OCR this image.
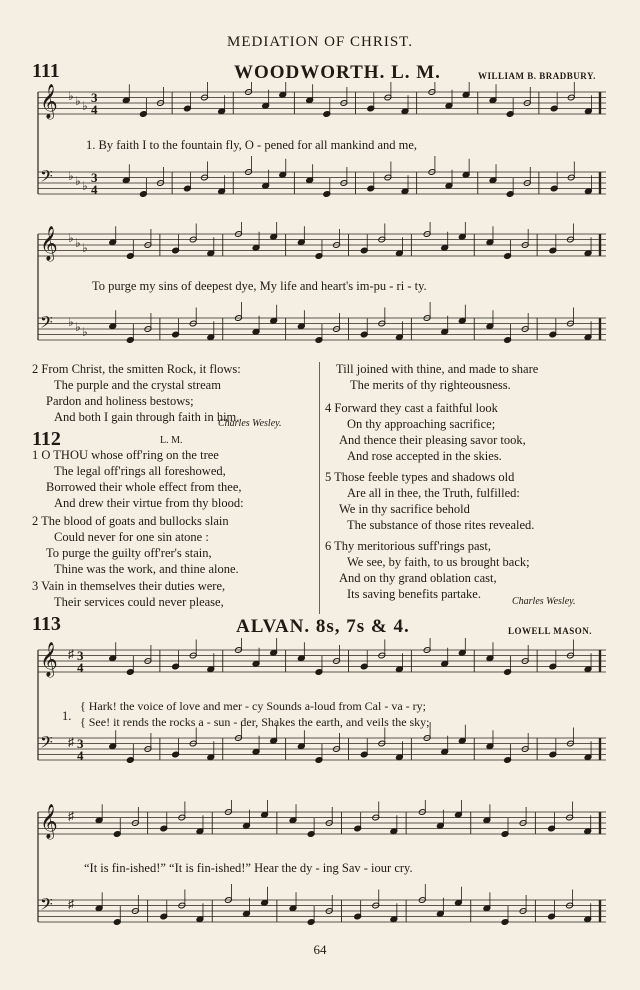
MEDIATION OF CHRIST.
111	WOODWORTH. L. M.	WILLIAM B. BRADBURY.
𝄞 ♭ ♭ ♭
3
4
𝄢 ♭ ♭ ♭
3
4
1. By faith I to the fountain fly, O - pened for all mankind and me,
𝄞 ♭ ♭ ♭
𝄢 ♭ ♭ ♭
To purge my sins of deepest dye, My life and heart's im-pu - ri - ty.
2 From Christ, the smitten Rock, it flows:
The purple and the crystal stream
Pardon and holiness bestows;
And both I gain through faith in him.
Charles Wesley.
112	L. M.
1 O THOU whose off'ring on the tree
The legal off'rings all foreshowed,
Borrowed their whole effect from thee,
And drew their virtue from thy blood:
2 The blood of goats and bullocks slain
Could never for one sin atone :
To purge the guilty off'rer's stain,
Thine was the work, and thine alone.
3 Vain in themselves their duties were,
Their services could never please,
Till joined with thine, and made to share
The merits of thy righteousness.
4 Forward they cast a faithful look
On thy approaching sacrifice;
And thence their pleasing savor took,
And rose accepted in the skies.
5 Those feeble types and shadows old
Are all in thee, the Truth, fulfilled:
We in thy sacrifice behold
The substance of those rites revealed.
6 Thy meritorious suff'rings past,
We see, by faith, to us brought back;
And on thy grand oblation cast,
Its saving benefits partake.
Charles Wesley.
113	ALVAN. 8s, 7s & 4.	LOWELL MASON.
𝄞 ♯ 3
4
𝄢 ♯ 3
4
1.
{ Hark! the voice of love and mer - cy Sounds a-loud from Cal - va - ry;
{ See! it rends the rocks a - sun - der, Shakes the earth, and veils the sky;
𝄞 ♯
𝄢 ♯
“It is fin-ished!” “It is fin-ished!” Hear the dy - ing Sav - iour cry.
64
